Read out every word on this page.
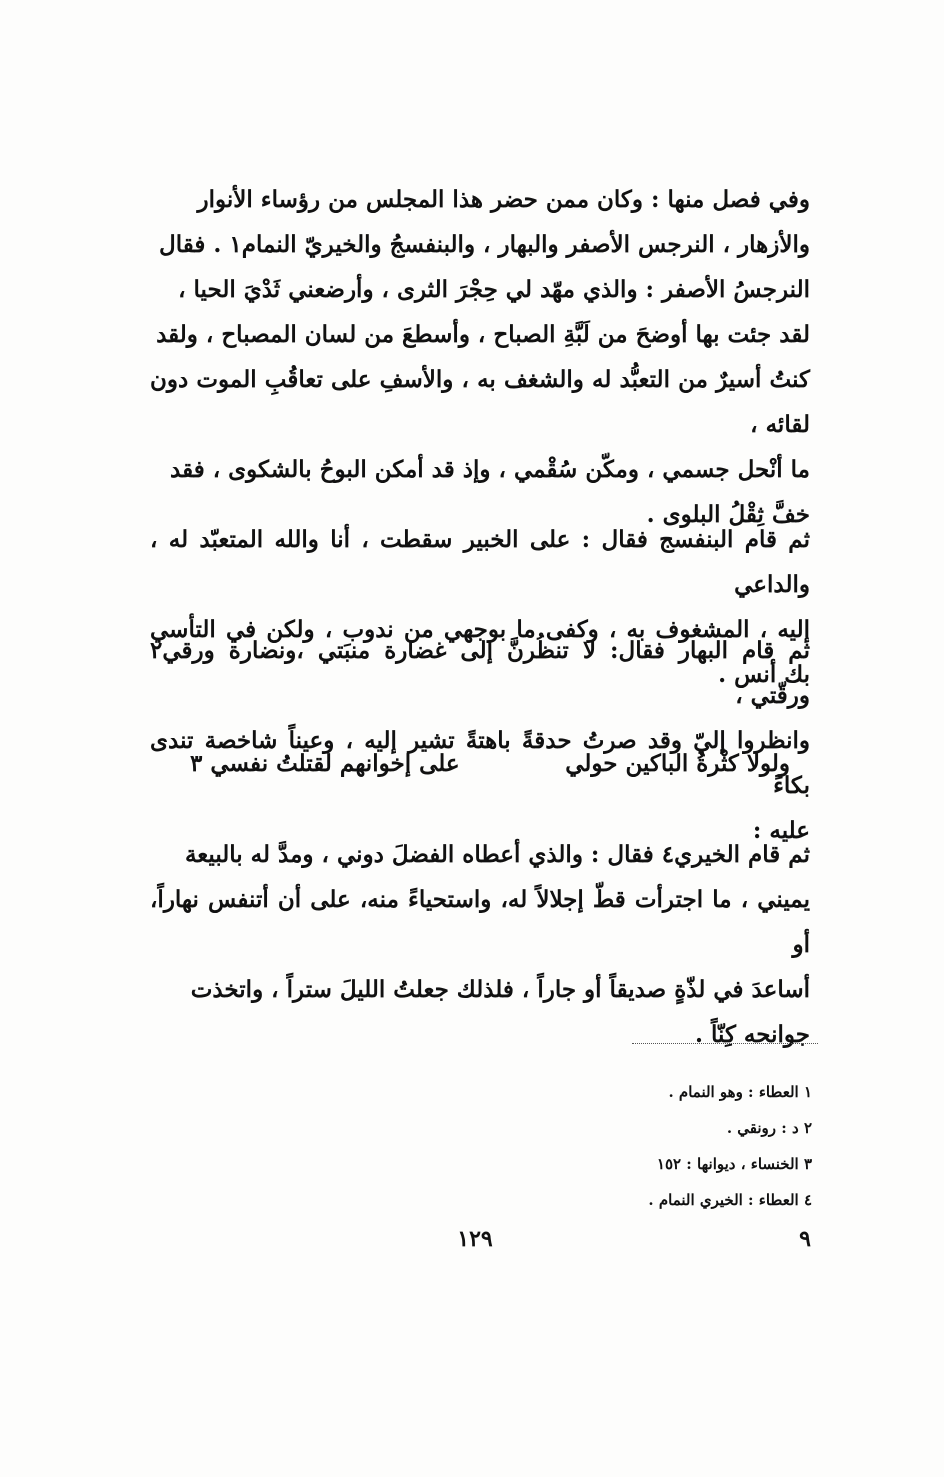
وفي فصل منها : وكان ممن حضر هذا المجلس من رؤساء الأنوار
والأزهار ، النرجس الأصفر والبهار ، والبنفسجُ والخيريّ النمام١ . فقال
النرجسُ الأصفر : والذي مهّد لي حِجْرَ الثرى ، وأرضعني ثَدْيَ الحيا ،
لقد جئت بها أوضحَ من لَبَّةِ الصباح ، وأسطعَ من لسان المصباح ، ولقد
كنتُ أسيرٌ من التعبُّد له والشغف به ، والأسفِ على تعاقُبِ الموت دون لقائه ،
ما أنْحل جسمي ، ومكّن سُقْمي ، وإذ قد أمكن البوحُ بالشكوى ، فقد
خفَّ ثِقْلُ البلوى .
ثم قام البنفسج فقال : على الخبير سقطت ، أنا والله المتعبّد له ، والداعي
إليه ، المشغوف به ، وكفى ما بوجهي من ندوب ، ولكن في التأسي بك أنس .
ثم قام البهار فقال: لا تنظُرنَّ إلى غضارة منبَتي ،ونضارة ورقي٢ ورقّتي ،
وانظروا إليّ وقد صرتُ حدقةً باهتةً تشير إليه ، وعيناً شاخصة تندى بكاءً
عليه :
ولولا كثْرةُ الباكين حولي
على إخوانهم لقتلتُ نفسي ٣
ثم قام الخيري٤ فقال : والذي أعطاه الفضلَ دوني ، ومدَّ له بالبيعة
يميني ، ما اجترأت قطّ إجلالاً له، واستحياءً منه، على أن أتنفس نهاراً، أو
أساعدَ في لذّةٍ صديقاً أو جاراً ، فلذلك جعلتُ الليلَ ستراً ، واتخذت
جوانحه كِنّاً .
١ العطاء : وهو النمام .
٢ د : رونقي .
٣ الخنساء ، ديوانها : ١٥٢
٤ العطاء : الخيري النمام .
١٢٩	٩
